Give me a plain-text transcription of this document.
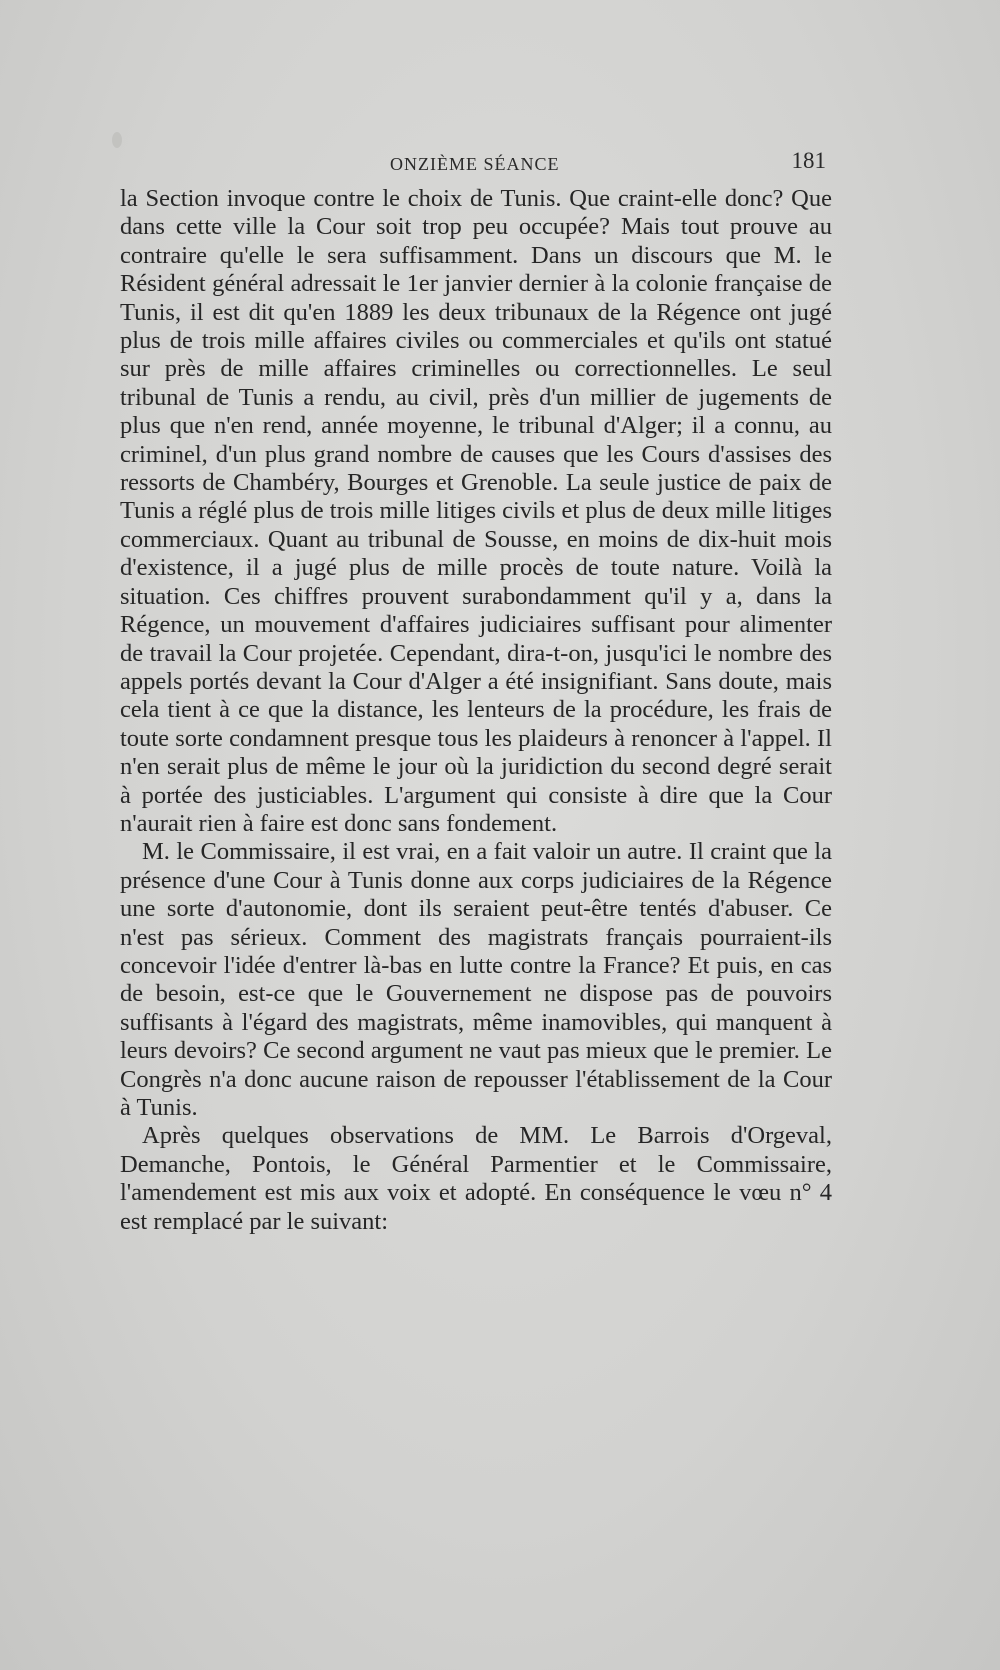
ONZIÈME SÉANCE	181

la Section invoque contre le choix de Tunis. Que craint-elle donc? Que dans cette ville la Cour soit trop peu occupée? Mais tout prouve au contraire qu'elle le sera suffisamment. Dans un discours que M. le Résident général adressait le 1er janvier dernier à la colonie française de Tunis, il est dit qu'en 1889 les deux tribunaux de la Régence ont jugé plus de trois mille affaires civiles ou commerciales et qu'ils ont statué sur près de mille affaires criminelles ou correctionnelles. Le seul tribunal de Tunis a rendu, au civil, près d'un millier de jugements de plus que n'en rend, année moyenne, le tribunal d'Alger; il a connu, au criminel, d'un plus grand nombre de causes que les Cours d'assises des ressorts de Chambéry, Bourges et Grenoble. La seule justice de paix de Tunis a réglé plus de trois mille litiges civils et plus de deux mille litiges commerciaux. Quant au tribunal de Sousse, en moins de dix-huit mois d'existence, il a jugé plus de mille procès de toute nature. Voilà la situation. Ces chiffres prouvent surabondamment qu'il y a, dans la Régence, un mouvement d'affaires judiciaires suffisant pour alimenter de travail la Cour projetée. Cependant, dira-t-on, jusqu'ici le nombre des appels portés devant la Cour d'Alger a été insignifiant. Sans doute, mais cela tient à ce que la distance, les lenteurs de la procédure, les frais de toute sorte condamnent presque tous les plaideurs à renoncer à l'appel. Il n'en serait plus de même le jour où la juridiction du second degré serait à portée des justiciables. L'argument qui consiste à dire que la Cour n'aurait rien à faire est donc sans fondement.

M. le Commissaire, il est vrai, en a fait valoir un autre. Il craint que la présence d'une Cour à Tunis donne aux corps judiciaires de la Régence une sorte d'autonomie, dont ils seraient peut-être tentés d'abuser. Ce n'est pas sérieux. Comment des magistrats français pourraient-ils concevoir l'idée d'entrer là-bas en lutte contre la France? Et puis, en cas de besoin, est-ce que le Gouvernement ne dispose pas de pouvoirs suffisants à l'égard des magistrats, même inamovibles, qui manquent à leurs devoirs? Ce second argument ne vaut pas mieux que le premier. Le Congrès n'a donc aucune raison de repousser l'établissement de la Cour à Tunis.

Après quelques observations de MM. Le Barrois d'Orgeval, Demanche, Pontois, le Général Parmentier et le Commissaire, l'amendement est mis aux voix et adopté. En conséquence le vœu n° 4 est remplacé par le suivant:
